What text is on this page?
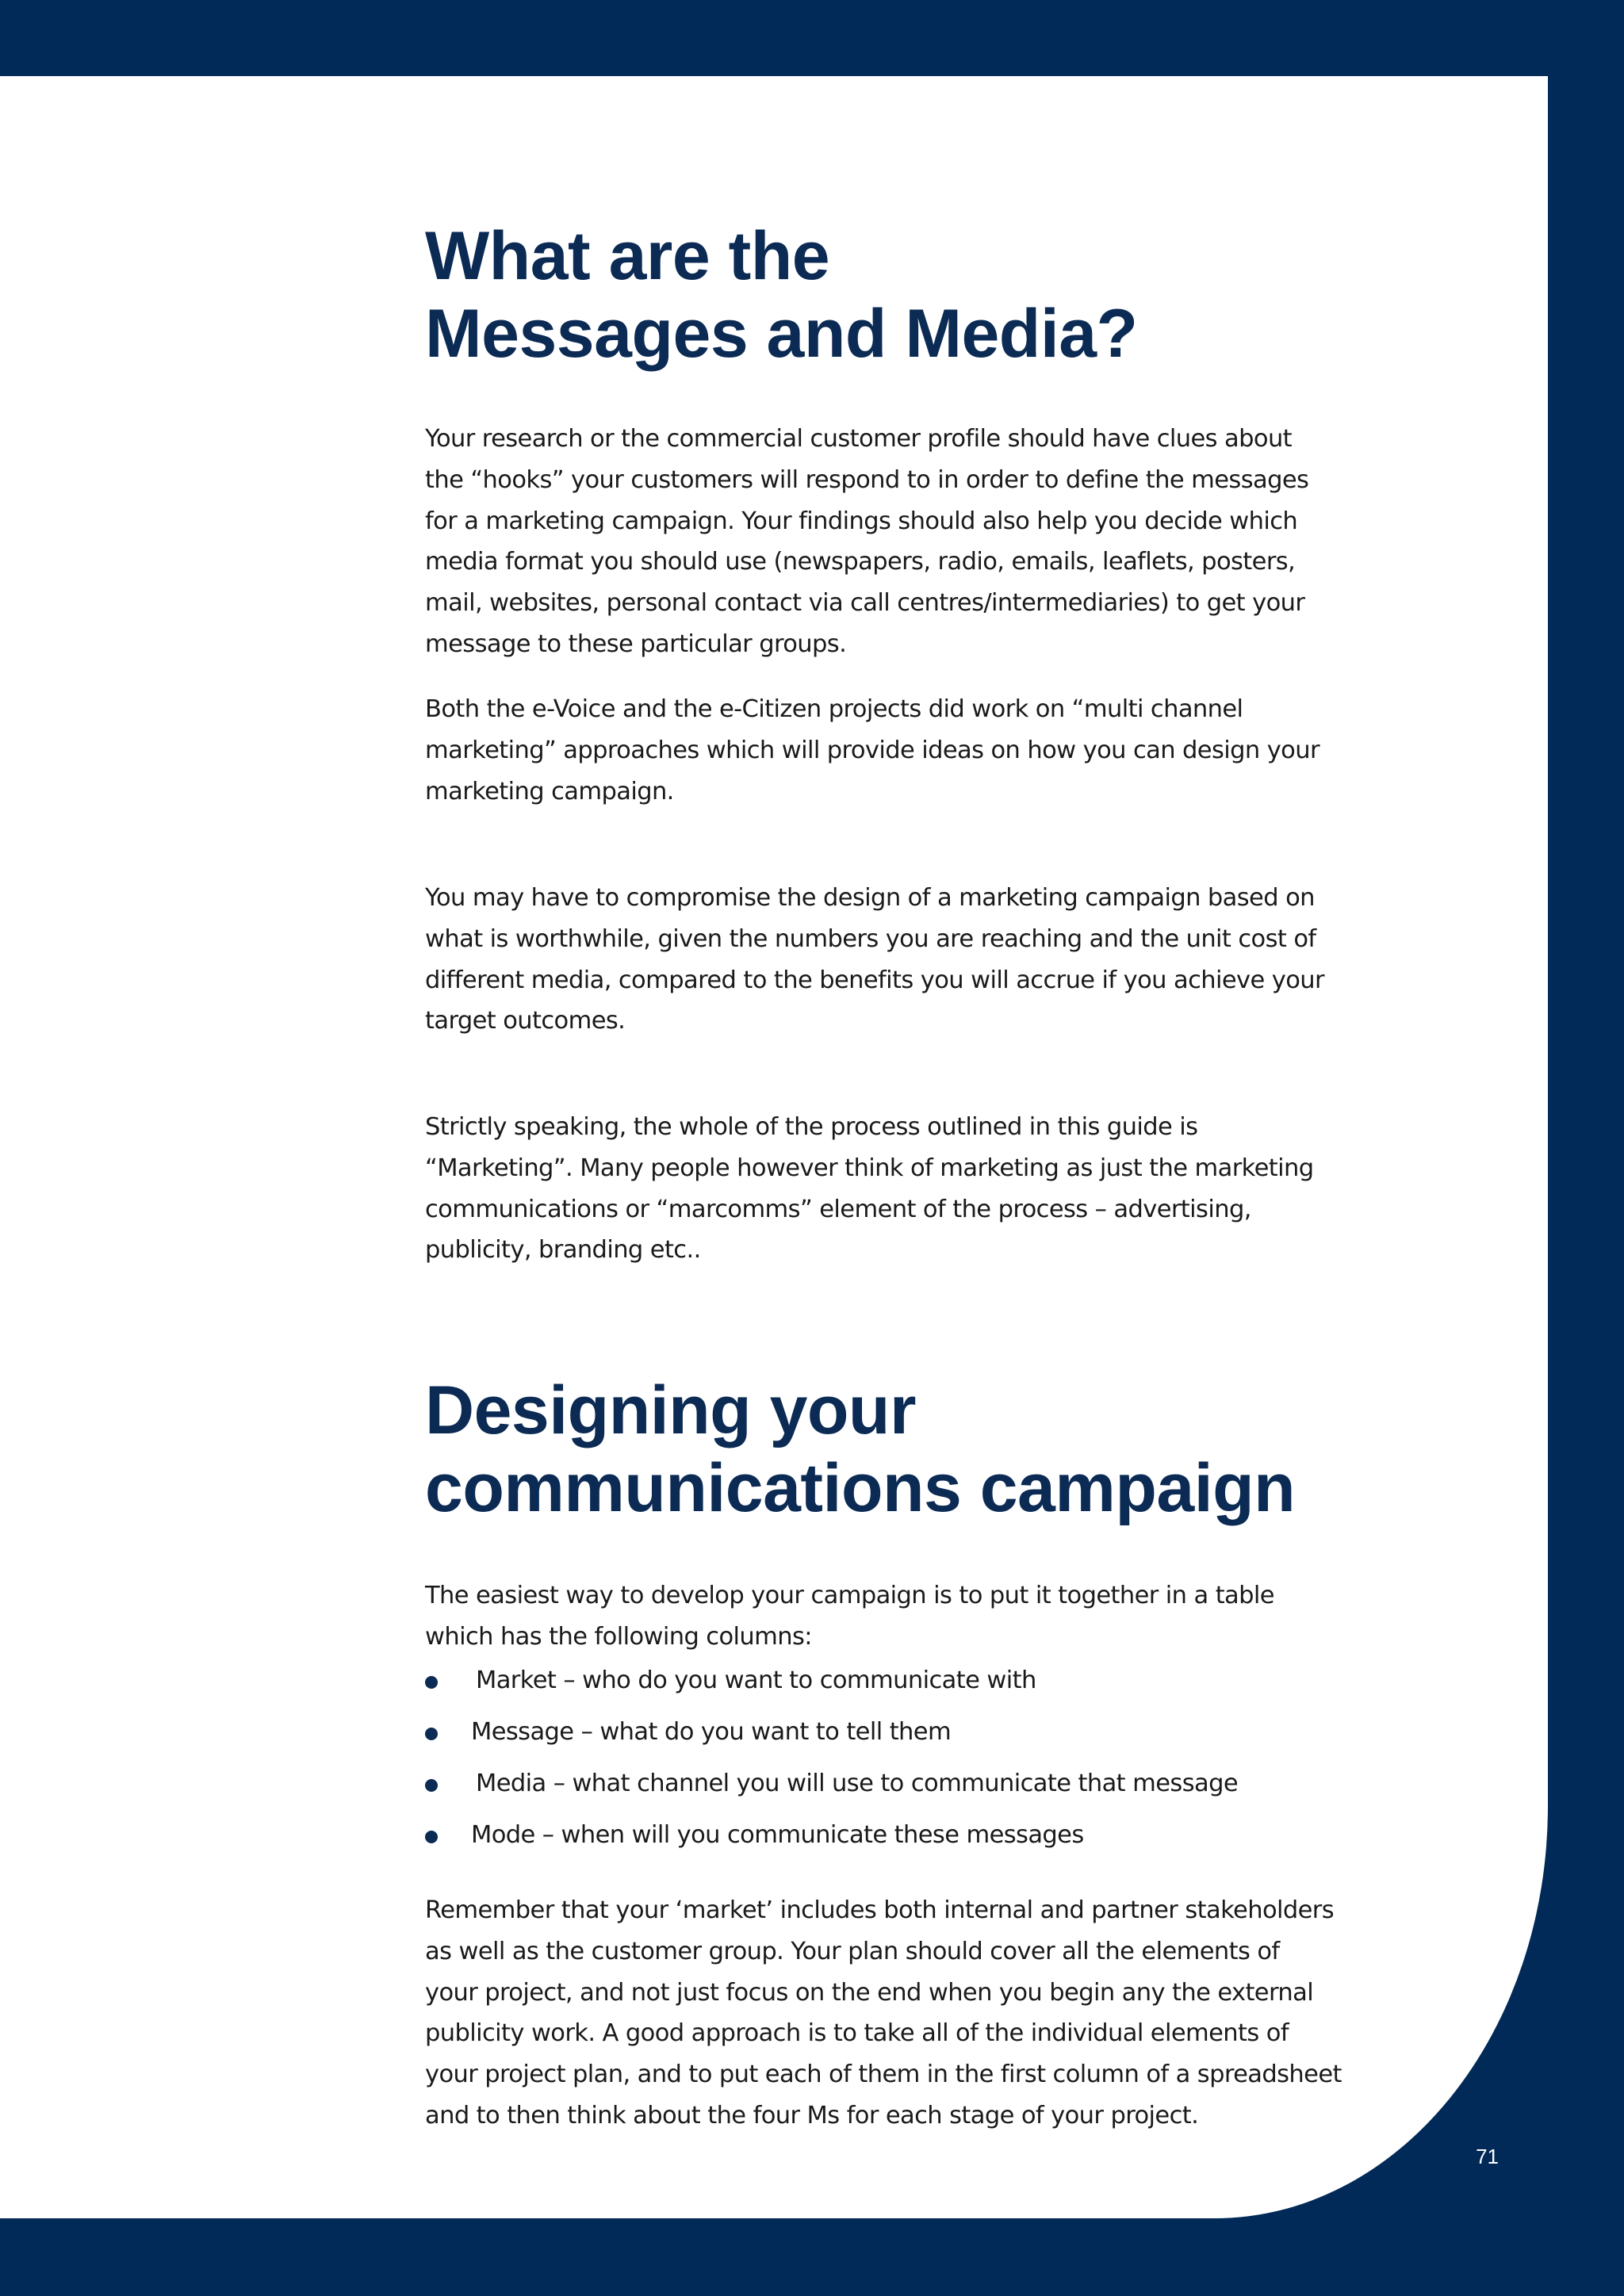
What are the
Messages and Media?

Your research or the commercial customer profile should have clues about
the “hooks” your customers will respond to in order to define the messages
for a marketing campaign. Your findings should also help you decide which
media format you should use (newspapers, radio, emails, leaflets, posters,
mail, websites, personal contact via call centres/intermediaries) to get your
message to these particular groups.

Both the e-Voice and the e-Citizen projects did work on “multi channel
marketing” approaches which will provide ideas on how you can design your
marketing campaign.

You may have to compromise the design of a marketing campaign based on
what is worthwhile, given the numbers you are reaching and the unit cost of
different media, compared to the benefits you will accrue if you achieve your
target outcomes.

Strictly speaking, the whole of the process outlined in this guide is
“Marketing”. Many people however think of marketing as just the marketing
communications or “marcomms” element of the process – advertising,
publicity, branding etc..

Designing your
communications campaign

The easiest way to develop your campaign is to put it together in a table
which has the following columns:

Market – who do you want to communicate with
Message – what do you want to tell them
Media – what channel you will use to communicate that message
Mode – when will you communicate these messages

Remember that your ‘market’ includes both internal and partner stakeholders
as well as the customer group. Your plan should cover all the elements of
your project, and not just focus on the end when you begin any the external
publicity work. A good approach is to take all of the individual elements of
your project plan, and to put each of them in the first column of a spreadsheet
and to then think about the four Ms for each stage of your project.

71
